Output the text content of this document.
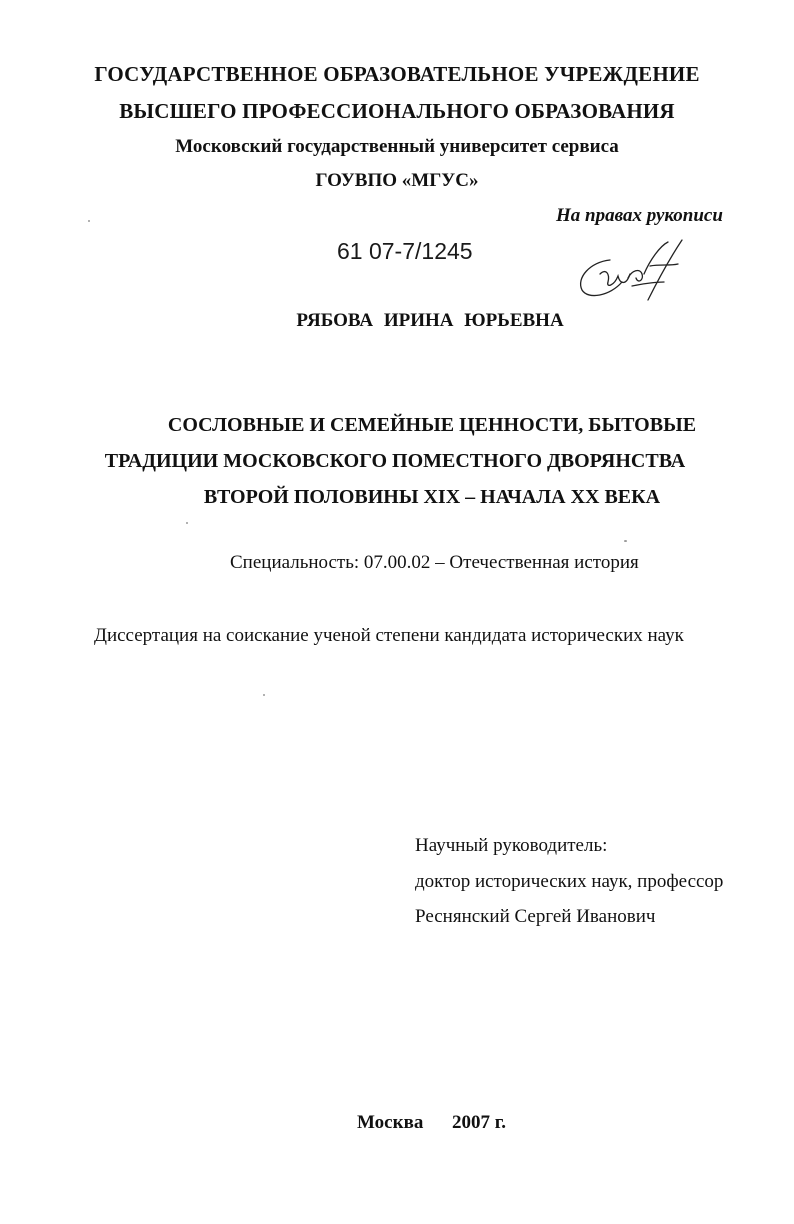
ГОСУДАРСТВЕННОЕ ОБРАЗОВАТЕЛЬНОЕ УЧРЕЖДЕНИЕ
ВЫСШЕГО ПРОФЕССИОНАЛЬНОГО ОБРАЗОВАНИЯ
Московский государственный университет сервиса
ГОУВПО «МГУС»
На правах рукописи
61 07-7/1245
РЯБОВА ИРИНА ЮРЬЕВНА
СОСЛОВНЫЕ И СЕМЕЙНЫЕ ЦЕННОСТИ, БЫТОВЫЕ
ТРАДИЦИИ МОСКОВСКОГО ПОМЕСТНОГО ДВОРЯНСТВА
ВТОРОЙ ПОЛОВИНЫ XIX – НАЧАЛА XX ВЕКА
Специальность: 07.00.02 – Отечественная история
Диссертация на соискание ученой степени кандидата исторических наук
Научный руководитель:
доктор исторических наук, профессор
Реснянский Сергей Иванович
Москва 2007 г.
